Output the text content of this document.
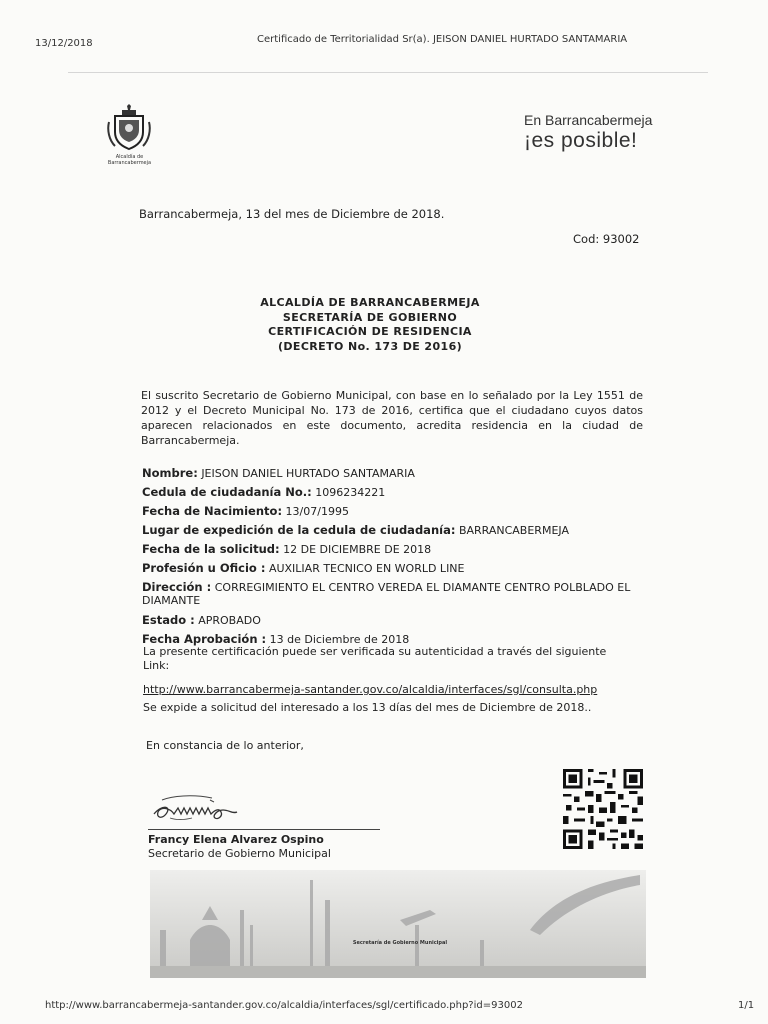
13/12/2018	Certificado de Territorialidad Sr(a). JEISON DANIEL HURTADO SANTAMARIA
Alcaldía de Barrancabermeja
En Barrancabermeja
¡es posible!
Barrancabermeja, 13 del mes de Diciembre de 2018.
Cod: 93002
ALCALDÍA DE BARRANCABERMEJA
SECRETARÍA DE GOBIERNO
CERTIFICACIÓN DE RESIDENCIA
(DECRETO No. 173 DE 2016)
El suscrito Secretario de Gobierno Municipal, con base en lo señalado por la Ley 1551 de 2012 y el Decreto Municipal No. 173 de 2016, certifica que el ciudadano cuyos datos aparecen relacionados en este documento, acredita residencia en la ciudad de Barrancabermeja.
Nombre: JEISON DANIEL HURTADO SANTAMARIA
Cedula de ciudadanía No.: 1096234221
Fecha de Nacimiento: 13/07/1995
Lugar de expedición de la cedula de ciudadanía: BARRANCABERMEJA
Fecha de la solicitud: 12 DE DICIEMBRE DE 2018
Profesión u Oficio : AUXILIAR TECNICO EN WORLD LINE
Dirección : CORREGIMIENTO EL CENTRO VEREDA EL DIAMANTE CENTRO POLBLADO EL DIAMANTE
Estado : APROBADO
Fecha Aprobación : 13 de Diciembre de 2018
La presente certificación puede ser verificada su autenticidad a través del siguiente Link:
http://www.barrancabermeja-santander.gov.co/alcaldia/interfaces/sgl/consulta.php
Se expide a solicitud del interesado a los 13 días del mes de Diciembre de 2018..
En constancia de lo anterior,
Francy Elena Alvarez Ospino
Secretario de Gobierno Municipal
Secretaría de Gobierno Municipal
http://www.barrancabermeja-santander.gov.co/alcaldia/interfaces/sgl/certificado.php?id=93002	1/1
